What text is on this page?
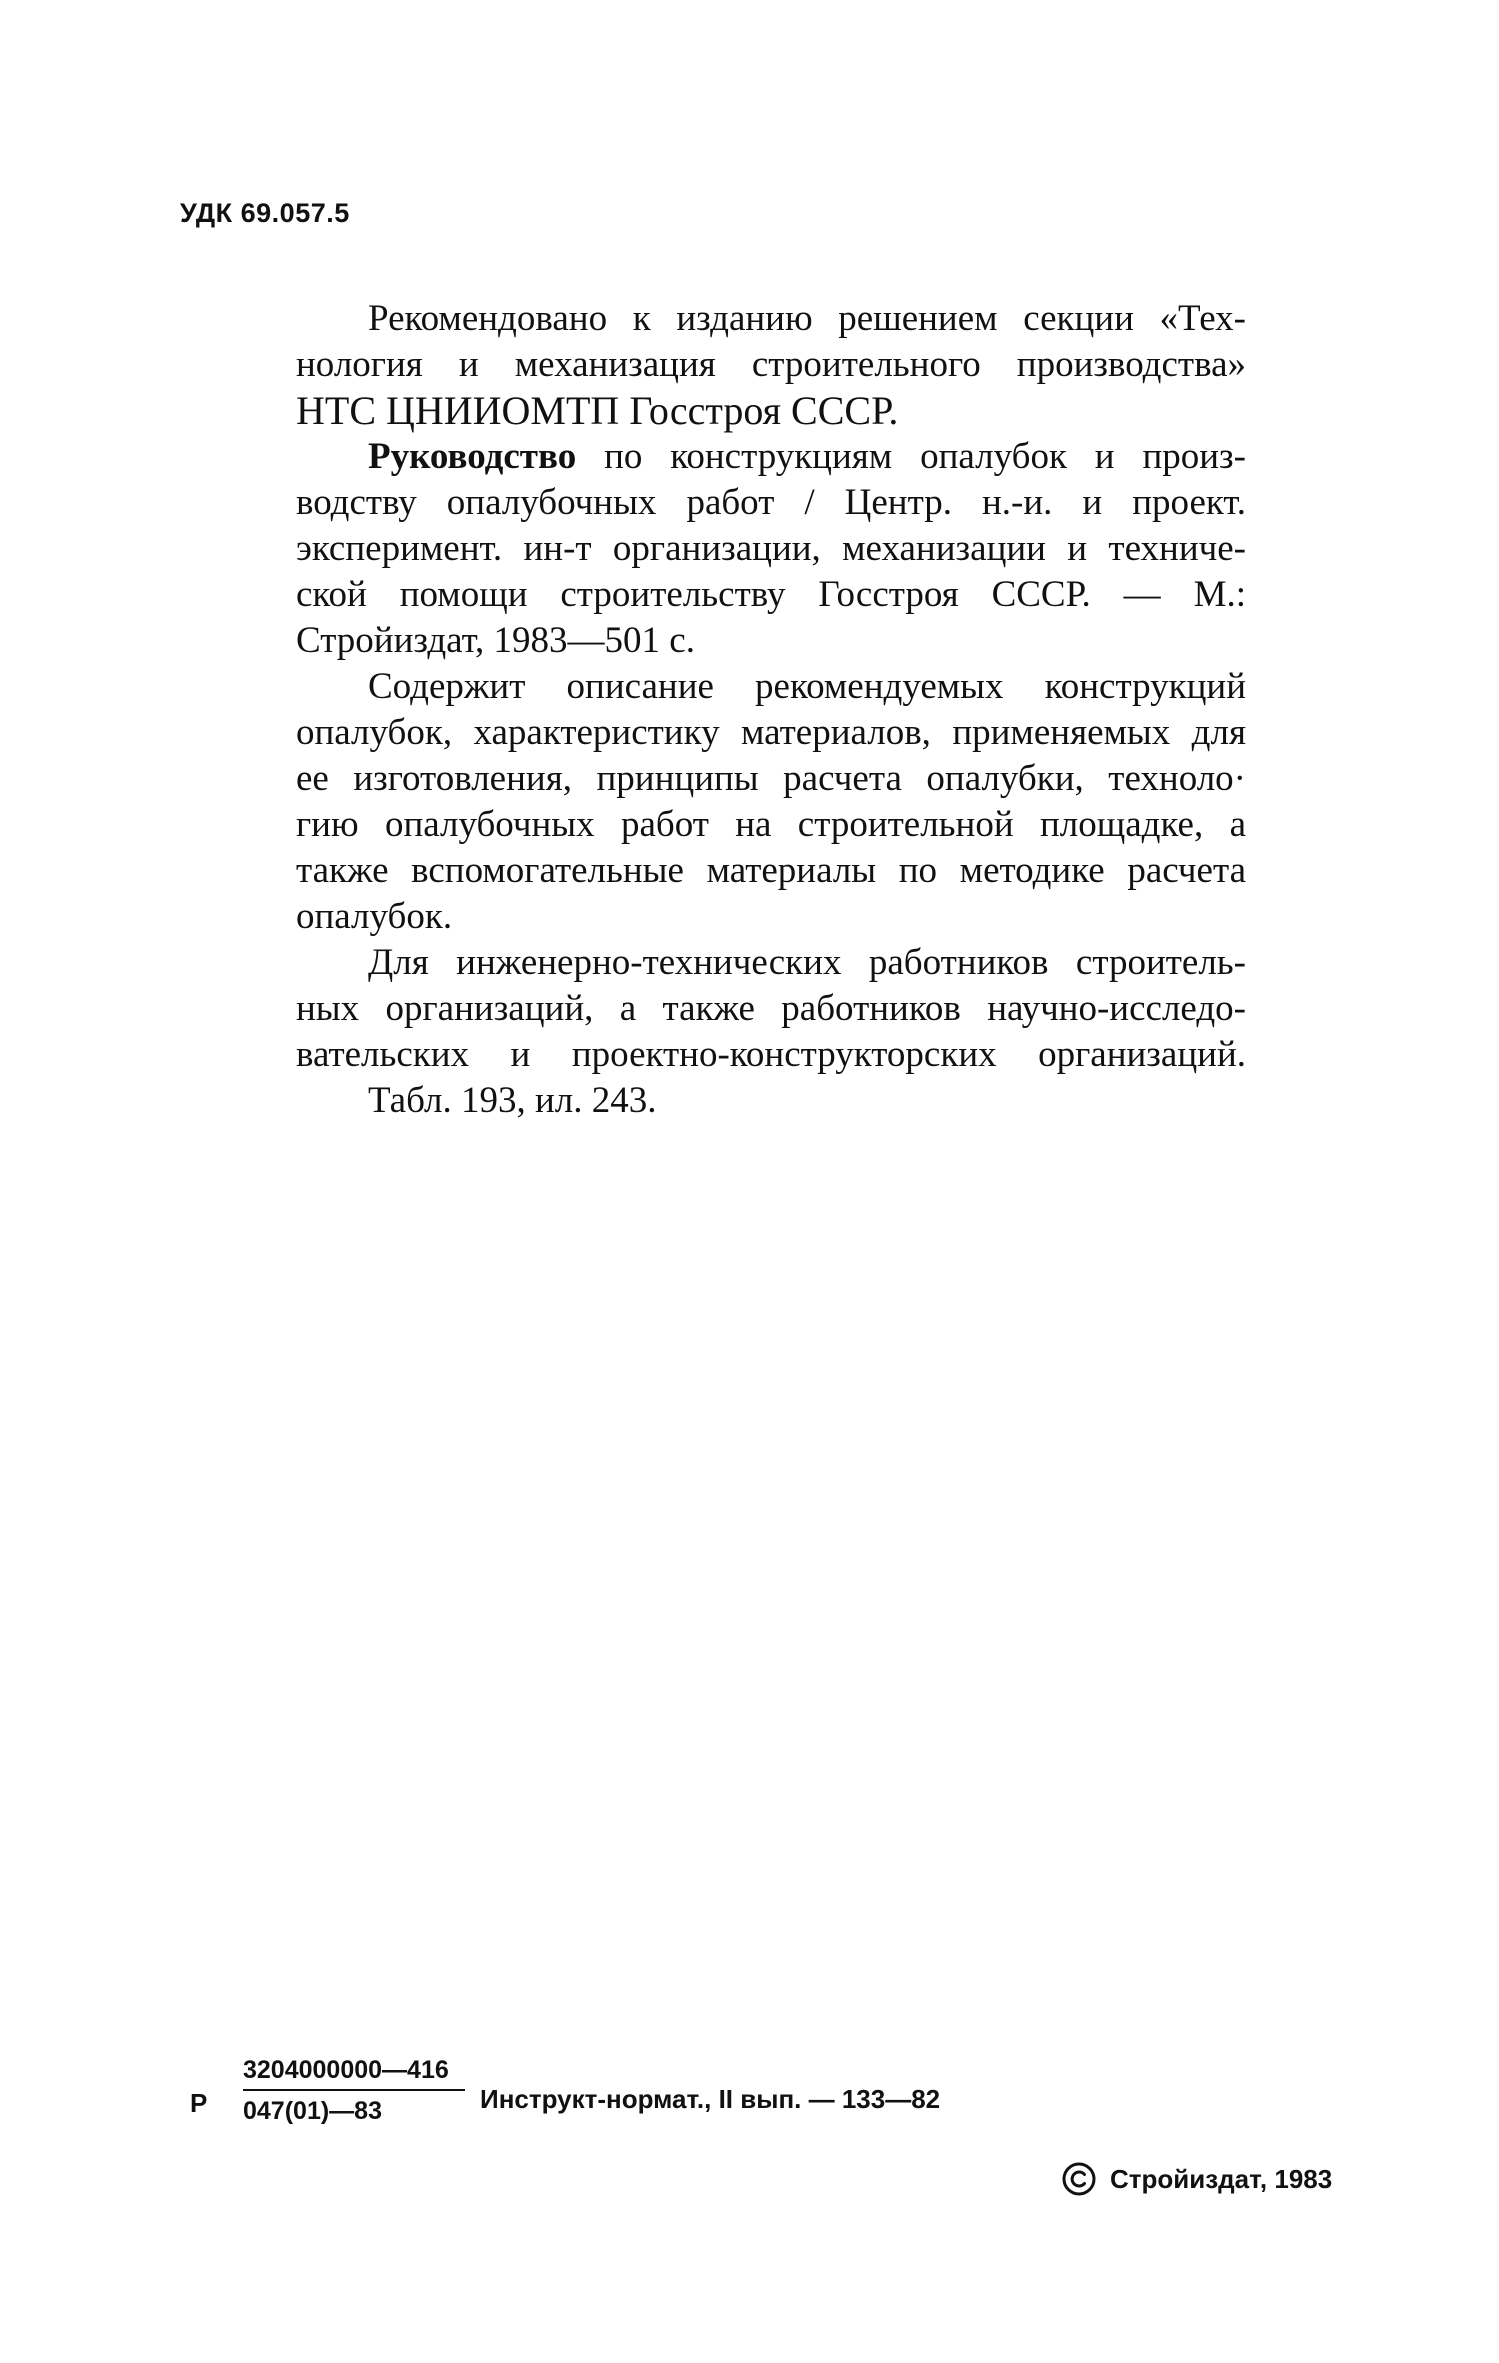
УДК 69.057.5

Рекомендовано к изданию решением секции «Тех-
нология и механизация строительного производства»
НТС ЦНИИОМТП Госстроя СССР.

Руководство по конструкциям опалубок и произ-
водству опалубочных работ / Центр. н.-и. и проект.
эксперимент. ин-т организации, механизации и техниче-
ской помощи строительству Госстроя СССР. — М.:
Стройиздат, 1983—501 с.

Содержит описание рекомендуемых конструкций
опалубок, характеристику материалов, применяемых для
ее изготовления, принципы расчета опалубки, техноло·
гию опалубочных работ на строительной площадке, а
также вспомогательные материалы по методике расчета
опалубок.

Для инженерно-технических работников строитель-
ных организаций, а также работников научно-исследо-
вательских и проектно-конструкторских организаций.

Табл. 193, ил. 243.

Р $\frac{3204000000—416}{047(01)—83}$ Инструкт-нормат., II вып. — 133—82
Стройиздат, 1983
